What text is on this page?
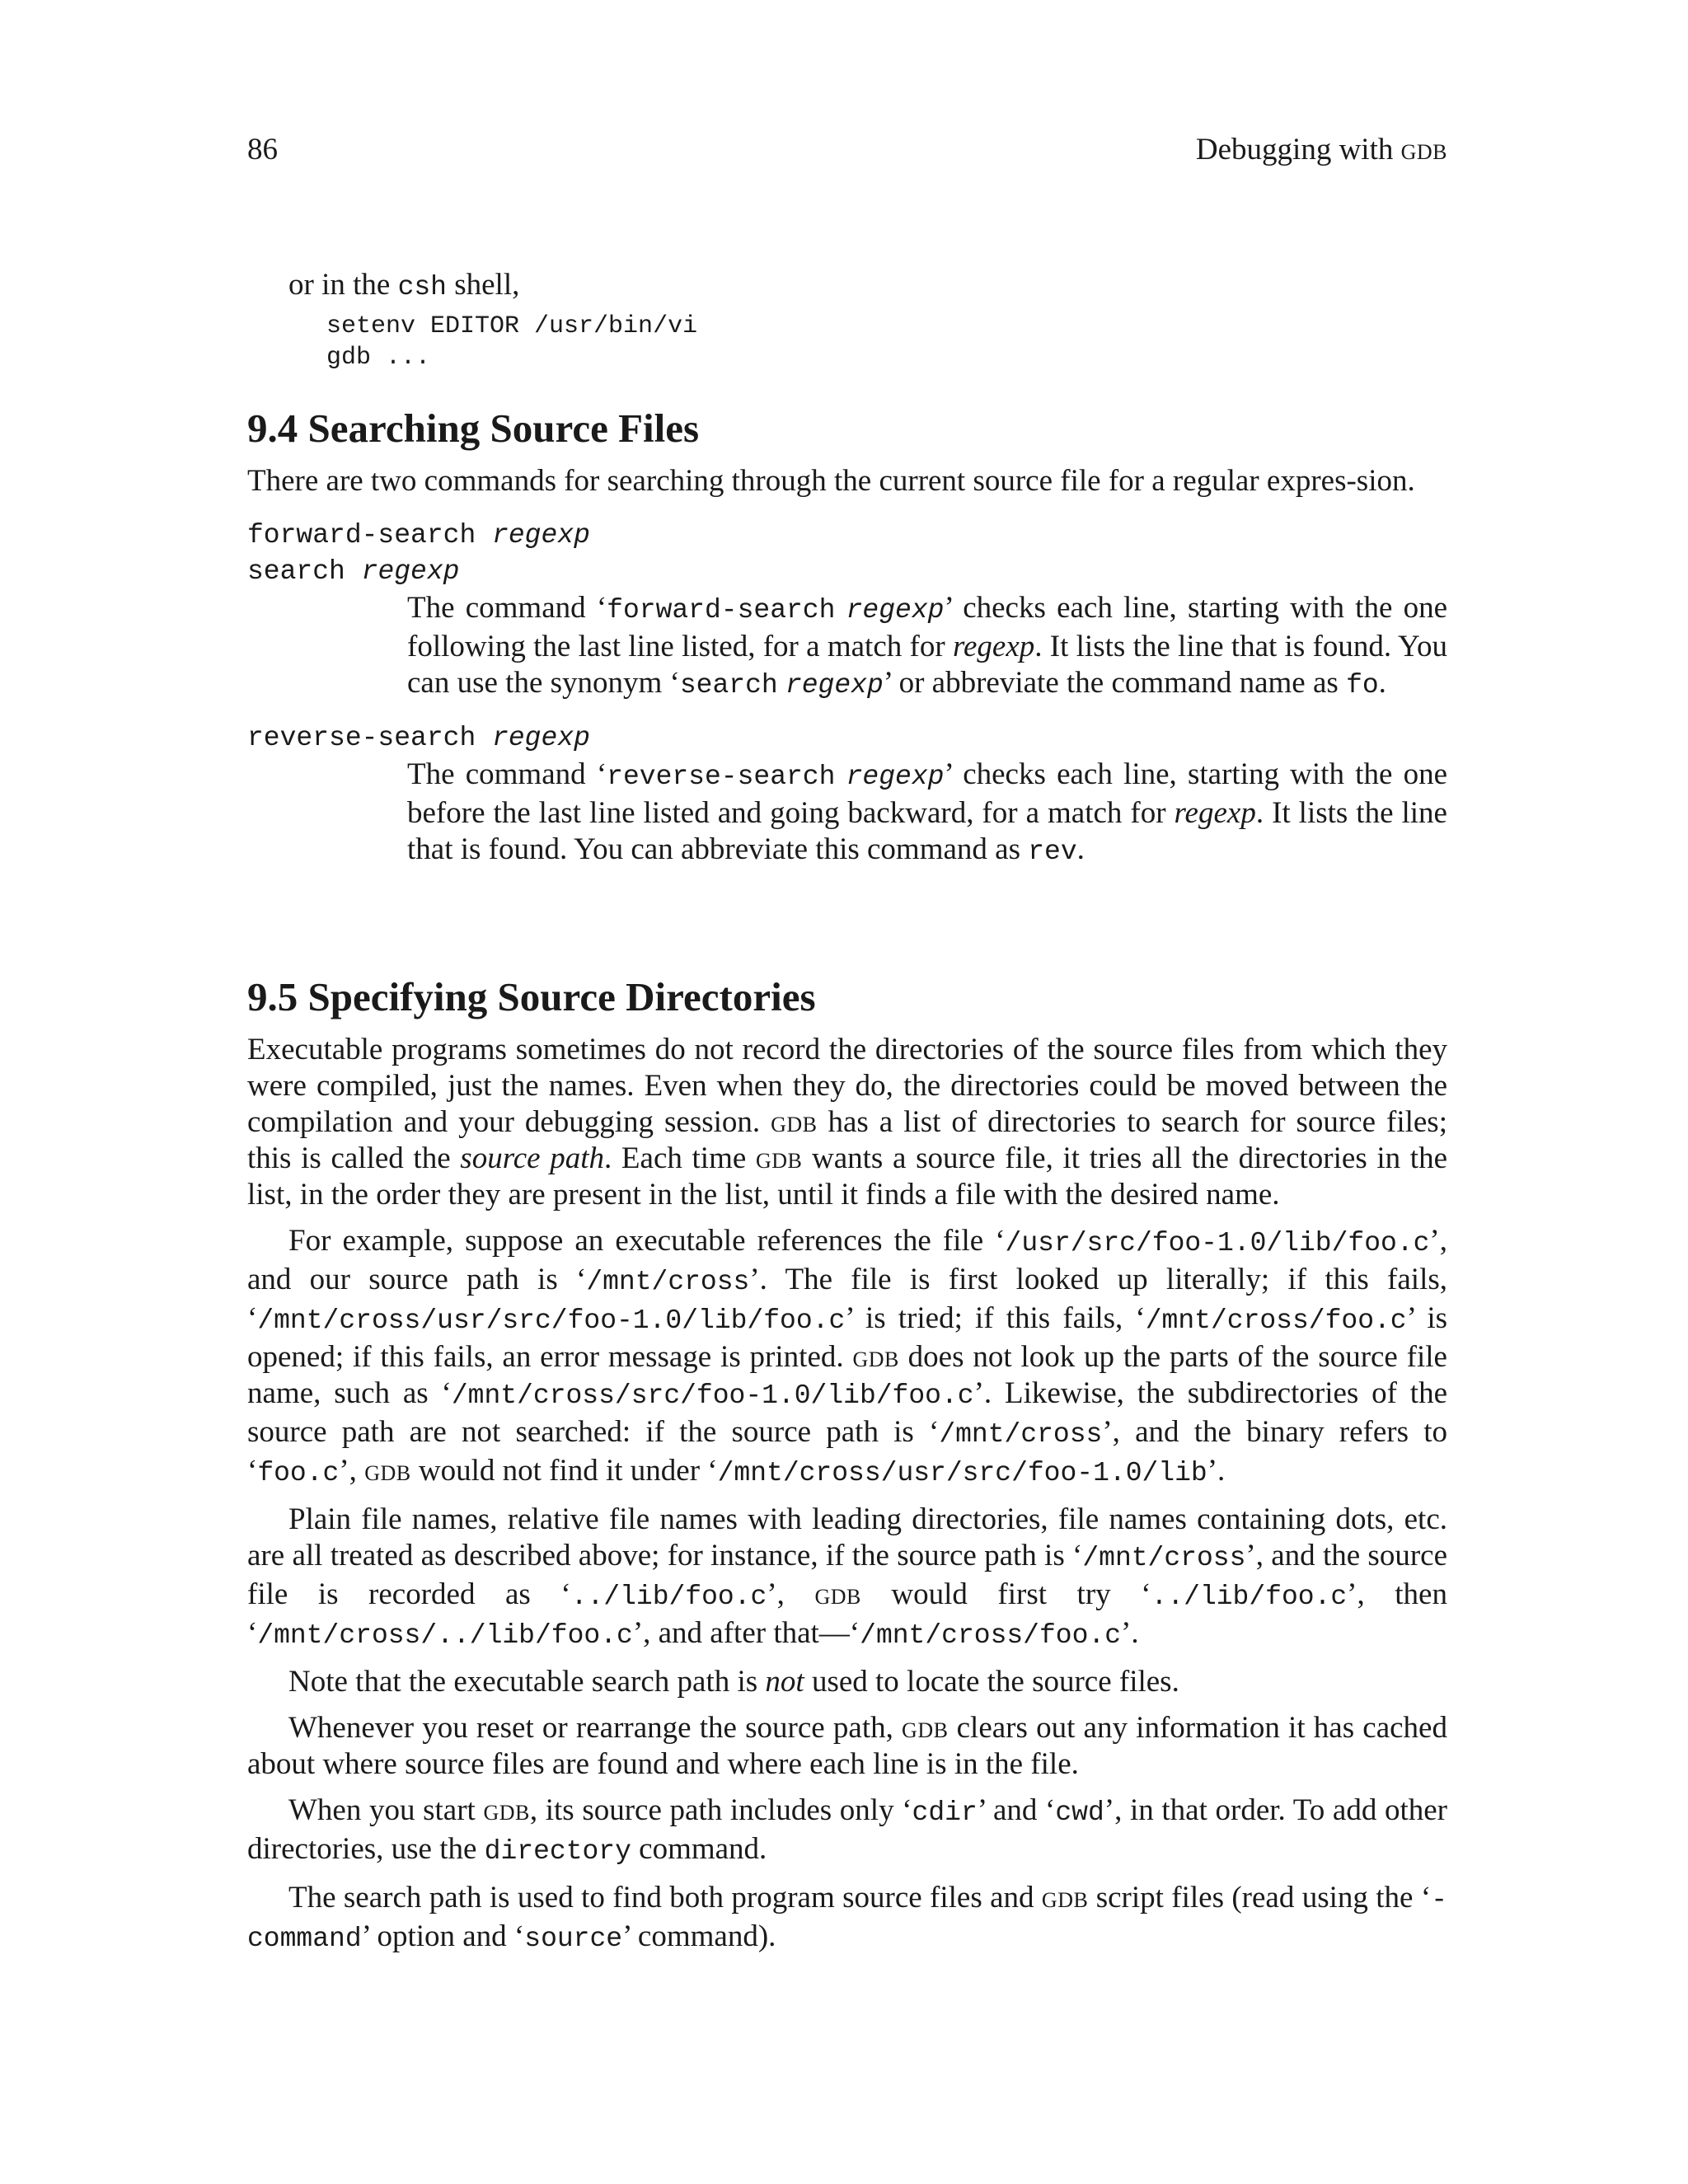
86	Debugging with gdb

or in the csh shell,

setenv EDITOR /usr/bin/vi

gdb ...

9.4 Searching Source Files

There are two commands for searching through the current source file for a regular expres-sion.

forward-search regexp

search regexp

The command ‘forward-search regexp’ checks each line, starting with the one following the last line listed, for a match for regexp. It lists the line that is found. You can use the synonym ‘search regexp’ or abbreviate the command name as fo.

reverse-search regexp

The command ‘reverse-search regexp’ checks each line, starting with the one before the last line listed and going backward, for a match for regexp. It lists the line that is found. You can abbreviate this command as rev.

9.5 Specifying Source Directories

Executable programs sometimes do not record the directories of the source files from which they were compiled, just the names. Even when they do, the directories could be moved between the compilation and your debugging session. gdb has a list of directories to search for source files; this is called the source path. Each time gdb wants a source file, it tries all the directories in the list, in the order they are present in the list, until it finds a file with the desired name.

For example, suppose an executable references the file ‘/usr/src/foo-1.0/lib/foo.c’, and our source path is ‘/mnt/cross’. The file is first looked up literally; if this fails, ‘/mnt/cross/usr/src/foo-1.0/lib/foo.c’ is tried; if this fails, ‘/mnt/cross/foo.c’ is opened; if this fails, an error message is printed. gdb does not look up the parts of the source file name, such as ‘/mnt/cross/src/foo-1.0/lib/foo.c’. Likewise, the subdirectories of the source path are not searched: if the source path is ‘/mnt/cross’, and the binary refers to ‘foo.c’, gdb would not find it under ‘/mnt/cross/usr/src/foo-1.0/lib’.

Plain file names, relative file names with leading directories, file names containing dots, etc. are all treated as described above; for instance, if the source path is ‘/mnt/cross’, and the source file is recorded as ‘../lib/foo.c’, gdb would first try ‘../lib/foo.c’, then ‘/mnt/cross/../lib/foo.c’, and after that—‘/mnt/cross/foo.c’.

Note that the executable search path is not used to locate the source files.

Whenever you reset or rearrange the source path, gdb clears out any information it has cached about where source files are found and where each line is in the file.

When you start gdb, its source path includes only ‘cdir’ and ‘cwd’, in that order. To add other directories, use the directory command.

The search path is used to find both program source files and gdb script files (read using the ‘-command’ option and ‘source’ command).
